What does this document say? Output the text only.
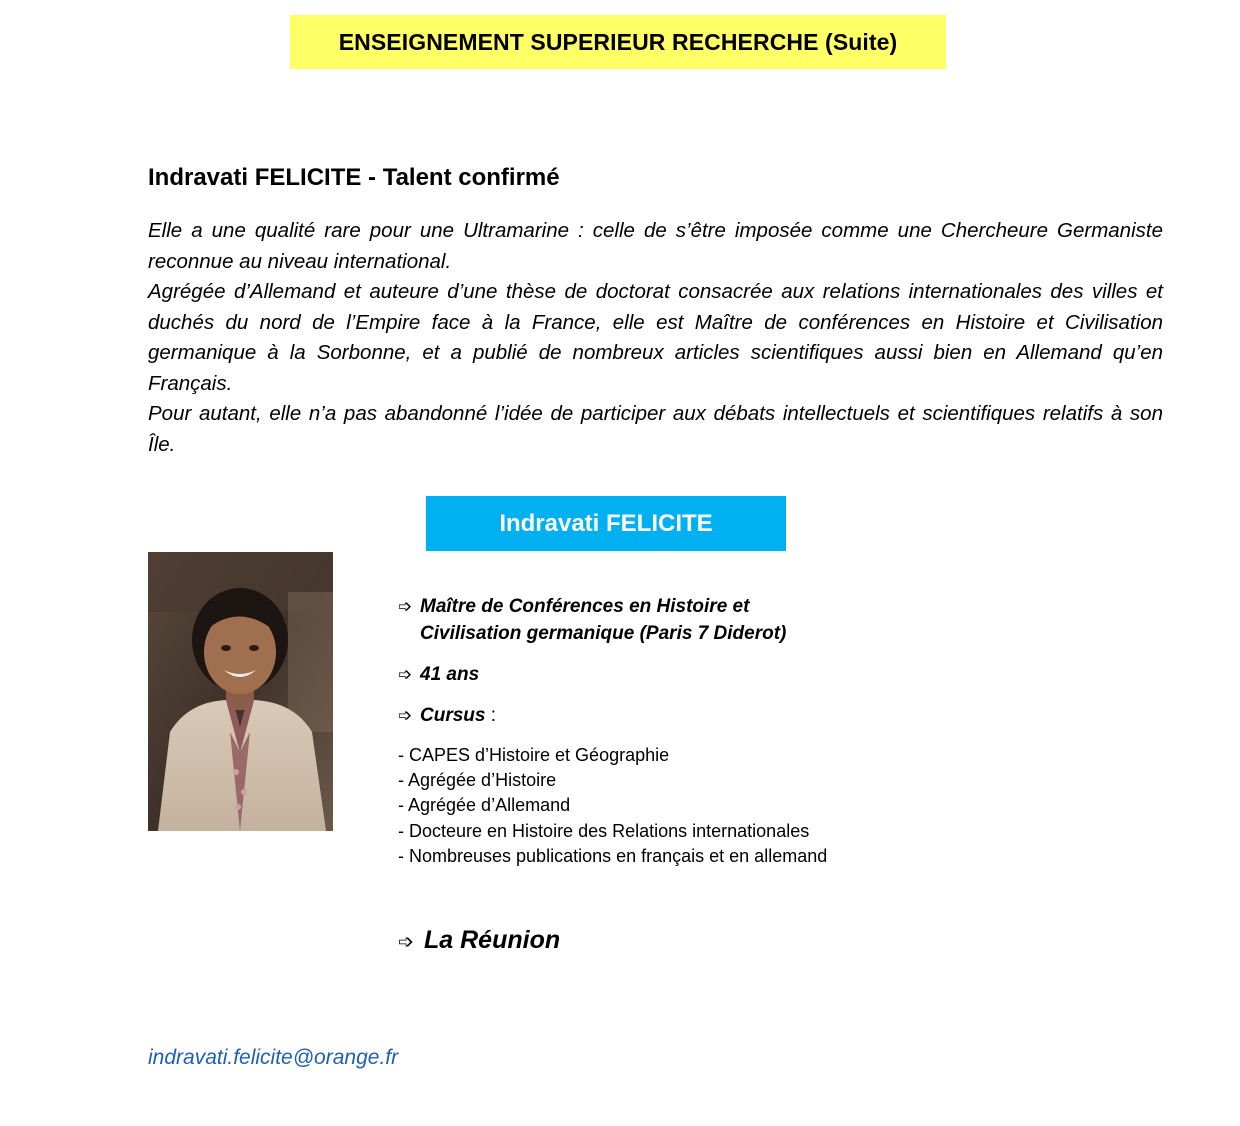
ENSEIGNEMENT SUPERIEUR RECHERCHE (Suite)
Indravati FELICITE - Talent confirmé

Elle a une qualité rare pour une Ultramarine : celle de s’être imposée comme une Chercheure Germaniste reconnue au niveau international.

Agrégée d’Allemand et auteure d’une thèse de doctorat consacrée aux relations internationales des villes et duchés du nord de l’Empire face à la France, elle est Maître de conférences en Histoire et Civilisation germanique à la Sorbonne, et a publié de nombreux articles scientifiques aussi bien en Allemand qu’en Français.

Pour autant, elle n’a pas abandonné l’idée de participer aux débats intellectuels et scientifiques relatifs à son Île.

Indravati FELICITE
➩ Maître de Conférences en Histoire et
Civilisation germanique (Paris 7 Diderot)
➩ 41 ans
➩ Cursus :
- CAPES d’Histoire et Géographie
- Agrégée d’Histoire
- Agrégée d’Allemand
- Docteure en Histoire des Relations internationales
- Nombreuses publications en français et en allemand
➩ La Réunion
indravati.felicite@orange.fr
